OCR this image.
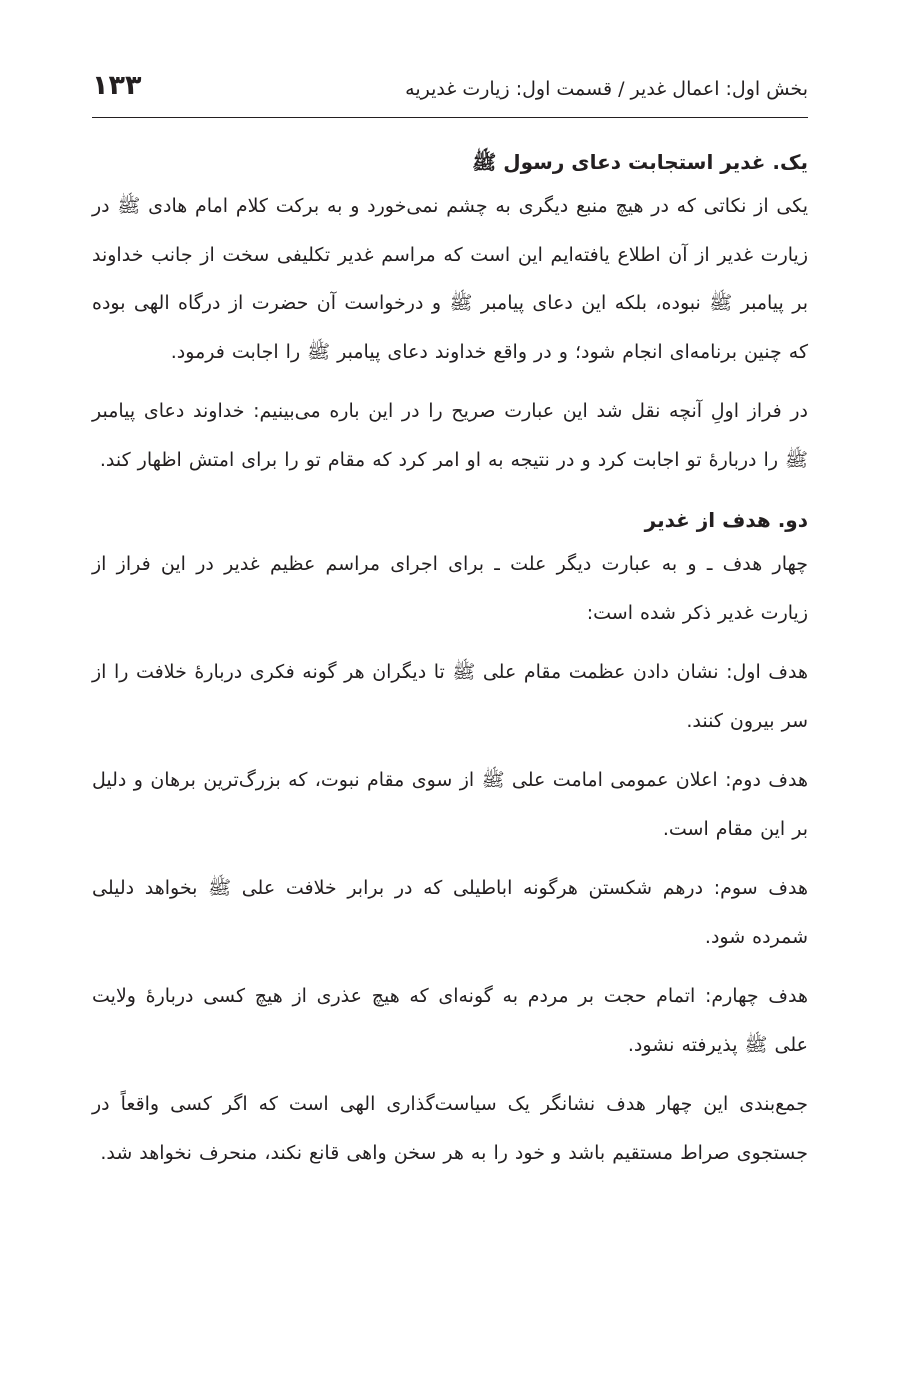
بخش اول: اعمال غدیر / قسمت اول: زیارت غدیریه
۱۳۳
یک. غدیر استجابت دعای رسول ﷺ

یکی از نکاتی که در هیچ منبع دیگری به چشم نمی‌خورد و به برکت کلام امام هادی ﷺ در زیارت غدیر از آن اطلاع یافته‌ایم این است که مراسم غدیر تکلیفی سخت از جانب خداوند بر پیامبر ﷺ نبوده، بلکه این دعای پیامبر ﷺ و درخواست آن حضرت از درگاه الهی بوده که چنین برنامه‌ای انجام شود؛ و در واقع خداوند دعای پیامبر ﷺ را اجابت فرمود.

در فراز اولِ آنچه نقل شد این عبارت صریح را در این باره می‌بینیم: خداوند دعای پیامبر ﷺ را دربارهٔ تو اجابت کرد و در نتیجه به او امر کرد که مقام تو را برای امتش اظهار کند.

دو. هدف از غدیر

چهار هدف ـ و به عبارت دیگر علت ـ برای اجرای مراسم عظیم غدیر در این فراز از زیارت غدیر ذکر شده است:

هدف اول: نشان دادن عظمت مقام علی ﷺ تا دیگران هر گونه فکری دربارهٔ خلافت را از سر بیرون کنند.

هدف دوم: اعلان عمومی امامت علی ﷺ از سوی مقام نبوت، که بزرگ‌ترین برهان و دلیل بر این مقام است.

هدف سوم: درهم شکستن هرگونه اباطیلی که در برابر خلافت علی ﷺ بخواهد دلیلی شمرده شود.

هدف چهارم: اتمام حجت بر مردم به گونه‌ای که هیچ عذری از هیچ کسی دربارهٔ ولایت علی ﷺ پذیرفته نشود.

جمع‌بندی این چهار هدف نشانگر یک سیاست‌گذاری الهی است که اگر کسی واقعاً در جستجوی صراط مستقیم باشد و خود را به هر سخن واهی قانع نکند، منحرف نخواهد شد.
